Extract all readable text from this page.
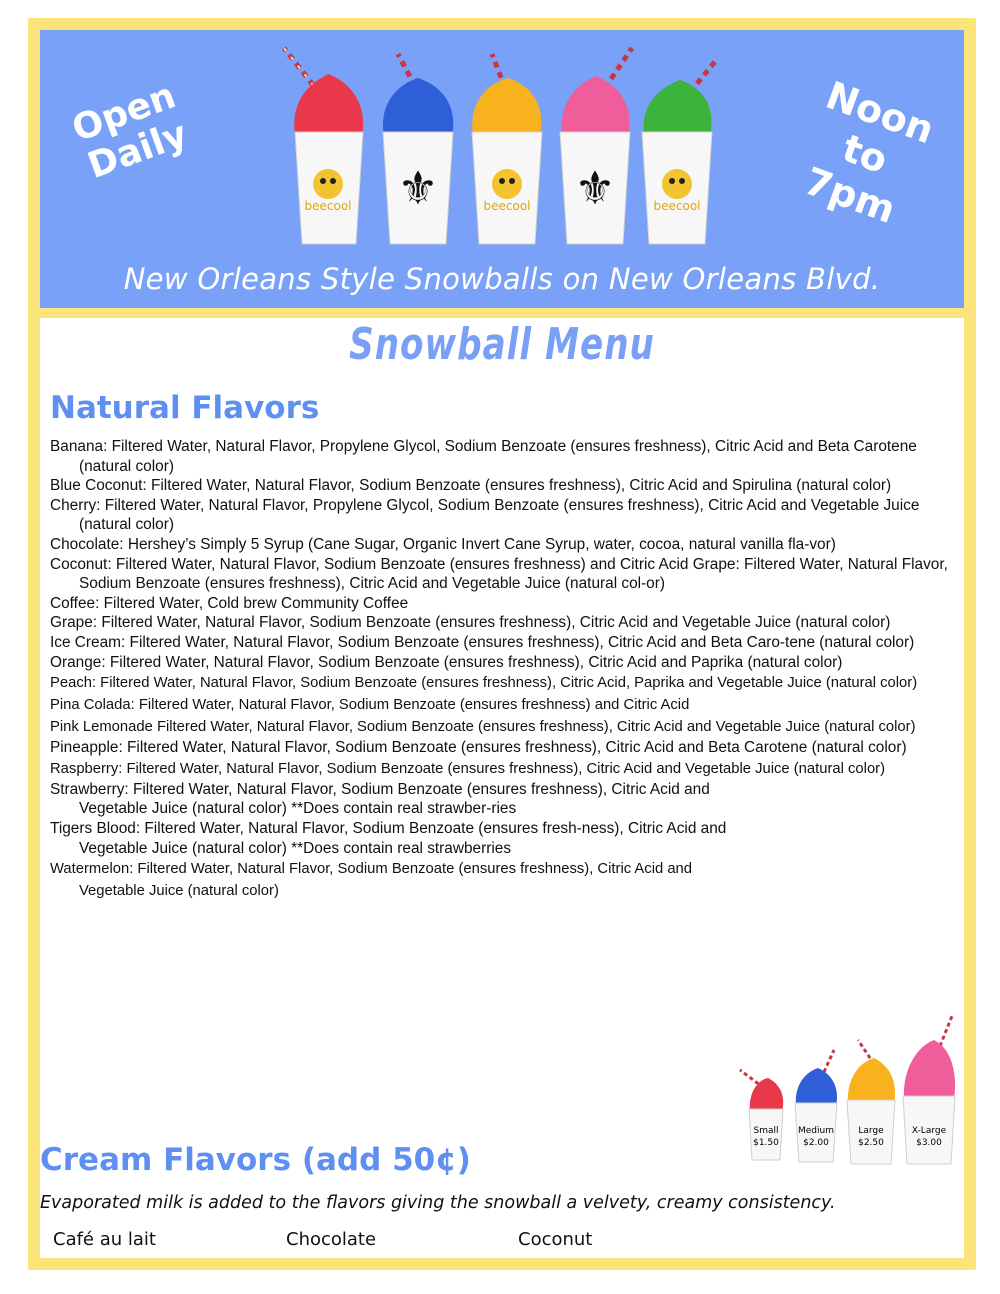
Open Daily	Noon to 7pm
beecool ⚜	beecool ⚜	beecool
New Orleans Style Snowballs on New Orleans Blvd.
Snowball Menu
Natural Flavors
Banana: Filtered Water, Natural Flavor, Propylene Glycol, Sodium Benzoate (ensures freshness), Citric Acid and Beta Carotene (natural color)
Blue Coconut: Filtered Water, Natural Flavor, Sodium Benzoate (ensures freshness), Citric Acid and Spirulina (natural color)
Cherry: Filtered Water, Natural Flavor, Propylene Glycol, Sodium Benzoate (ensures freshness), Citric Acid and Vegetable Juice (natural color)
Chocolate: Hershey’s Simply 5 Syrup (Cane Sugar, Organic Invert Cane Syrup, water, cocoa, natural vanilla fla-vor)
Coconut: Filtered Water, Natural Flavor, Sodium Benzoate (ensures freshness) and Citric Acid Grape: Filtered Water, Natural Flavor, Sodium Benzoate (ensures freshness), Citric Acid and Vegetable Juice (natural col-or)
Coffee: Filtered Water, Cold brew Community Coffee
Grape: Filtered Water, Natural Flavor, Sodium Benzoate (ensures freshness), Citric Acid and Vegetable Juice (natural color)
Ice Cream: Filtered Water, Natural Flavor, Sodium Benzoate (ensures freshness), Citric Acid and Beta Caro-tene (natural color)
Orange: Filtered Water, Natural Flavor, Sodium Benzoate (ensures freshness), Citric Acid and Paprika (natural color)
Peach: Filtered Water, Natural Flavor, Sodium Benzoate (ensures freshness), Citric Acid, Paprika and Vegetable Juice (natural color)
Pina Colada: Filtered Water, Natural Flavor, Sodium Benzoate (ensures freshness) and Citric Acid
Pink Lemonade Filtered Water, Natural Flavor, Sodium Benzoate (ensures freshness), Citric Acid and Vegetable Juice (natural color)
Pineapple: Filtered Water, Natural Flavor, Sodium Benzoate (ensures freshness), Citric Acid and Beta Carotene (natural color)
Raspberry: Filtered Water, Natural Flavor, Sodium Benzoate (ensures freshness), Citric Acid and Vegetable Juice (natural color)
Strawberry: Filtered Water, Natural Flavor, Sodium Benzoate (ensures freshness), Citric Acid and Vegetable Juice (natural color) **Does contain real strawber-ries
Tigers Blood: Filtered Water, Natural Flavor, Sodium Benzoate (ensures fresh-ness), Citric Acid and Vegetable Juice (natural color) **Does contain real strawberries
Watermelon: Filtered Water, Natural Flavor, Sodium Benzoate (ensures freshness), Citric Acid and Vegetable Juice (natural color)
Small
$1.50
Medium
$2.00
Large
$2.50
X-Large
$3.00
Cream Flavors (add 50¢)
Evaporated milk is added to the flavors giving the snowball a velvety, creamy consistency.
Café au lait	Chocolate	Coconut
